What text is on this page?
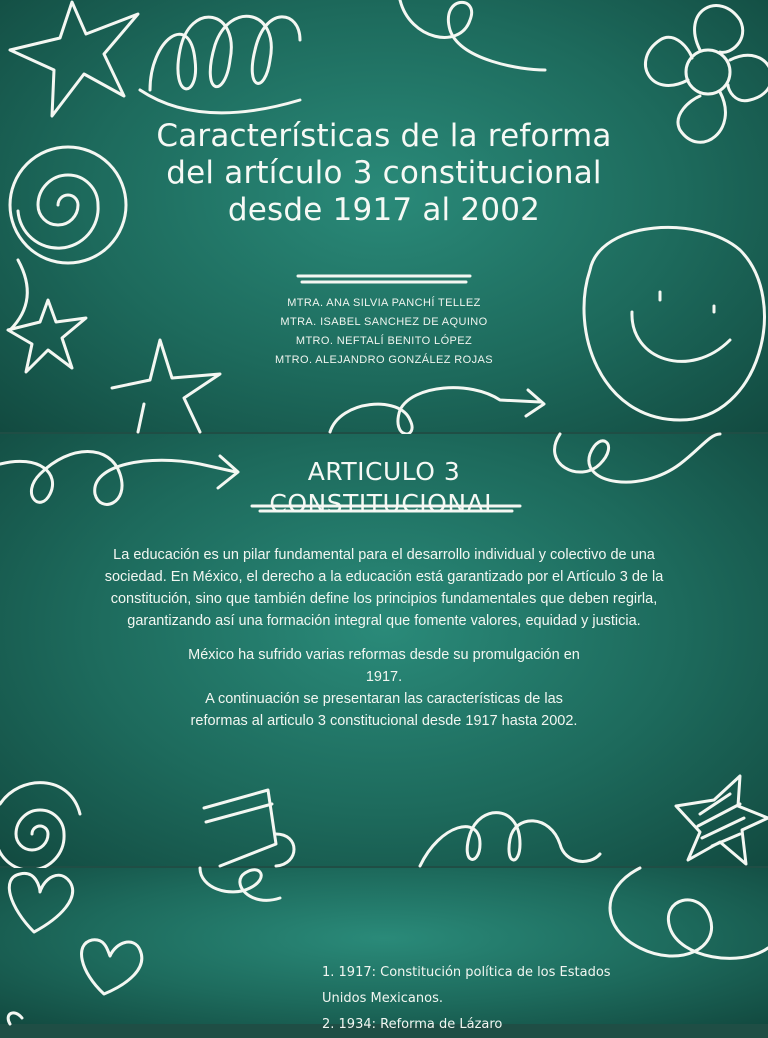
Características de la reforma del artículo 3 constitucional desde 1917 al 2002
MTRA. ANA SILVIA PANCHÍ TELLEZ
MTRA. ISABEL SANCHEZ DE AQUINO
MTRO. NEFTALÍ BENITO LÓPEZ
MTRO. ALEJANDRO GONZÁLEZ ROJAS
ARTICULO 3
CONSTITUCIONAL

La educación es un pilar fundamental para el desarrollo individual y colectivo de una sociedad. En México, el derecho a la educación está garantizado por el Artículo 3 de la constitución, sino que también define los principios fundamentales que deben regirla, garantizando así una formación integral que fomente valores, equidad y justicia.

México ha sufrido varias reformas desde su promulgación en 1917.
A continuación se presentaran las características de las reformas al articulo 3 constitucional desde 1917 hasta 2002.

1. 1917: Constitución política de los Estados Unidos Mexicanos.
2. 1934: Reforma de Lázaro
